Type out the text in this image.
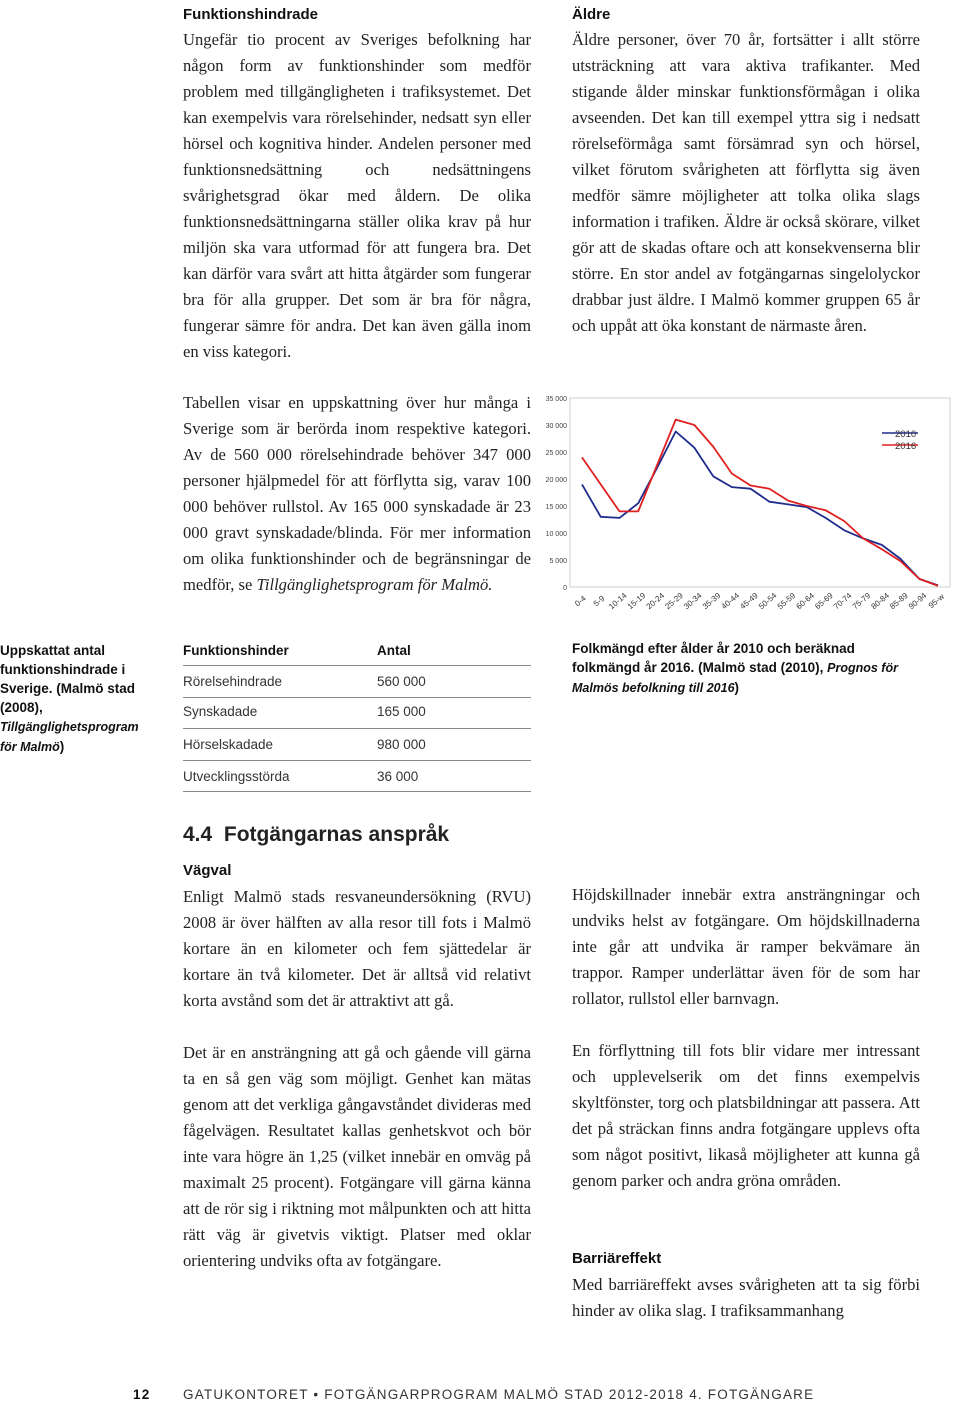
Funktionshindrade

Ungefär tio procent av Sveriges befolkning har någon form av funktionshinder som medför problem med tillgängligheten i trafiksystemet. Det kan exempelvis vara rörelsehinder, nedsatt syn eller hörsel och kognitiva hinder. Andelen personer med funktionsnedsättning och nedsättningens svårighetsgrad ökar med åldern. De olika funktionsnedsättningarna ställer olika krav på hur miljön ska vara utformad för att fungera bra. Det kan därför vara svårt att hitta åtgärder som fungerar bra för alla grupper. Det som är bra för några, fungerar sämre för andra. Det kan även gälla inom en viss kategori.

Äldre

Äldre personer, över 70 år, fortsätter i allt större utsträckning att vara aktiva trafikanter. Med stigande ålder minskar funktionsförmågan i olika avseenden. Det kan till exempel yttra sig i nedsatt rörelseförmåga samt försämrad syn och hörsel, vilket förutom svårigheten att förflytta sig även medför sämre möjligheter att tolka olika slags information i trafiken. Äldre är också skörare, vilket gör att de skadas oftare och att konsekvenserna blir större. En stor andel av fotgängarnas singelolyckor drabbar just äldre. I Malmö kommer gruppen 65 år och uppåt att öka konstant de närmaste åren.

Tabellen visar en uppskattning över hur många i Sverige som är berörda inom respektive kategori. Av de 560 000 rörelsehindrade behöver 347 000 personer hjälpmedel för att förflytta sig, varav 100 000 behöver rullstol. Av 165 000 synskadade är 23 000 gravt synskadade/blinda. För mer information om olika funktionshinder och de begränsningar de medför, se Tillgänglighetsprogram för Malmö.	0
5 000
10 000
15 000
20 000
25 000
30 000
35 000
0-4 5-9 10-14
15-19
20-24
25-29
30-34
35-39
40-44
45-49
50-54
55-59
60-64
65-69
70-74
75-79
80-84
85-89
90-94
95-w
2010
2016
Uppskattat antal funktionshindrade i Sverige. (Malmö stad (2008), Tillgänglighetsprogram för Malmö)
Funktionshinder	Antal
Rörelsehindrade	560 000
Synskadade	165 000
Hörselskadade	980 000
Utvecklingsstörda	36 000
Folkmängd efter ålder år 2010 och beräknad folkmängd år 2016. (Malmö stad (2010), Prognos för Malmös befolkning till 2016)
4.4 Fotgängarnas anspråk
Vägval

Enligt Malmö stads resvaneundersökning (RVU) 2008 är över hälften av alla resor till fots i Malmö kortare än en kilometer och fem sjättedelar är kortare än två kilometer. Det är alltså vid relativt korta avstånd som det är attraktivt att gå.

Det är en ansträngning att gå och gående vill gärna ta en så gen väg som möjligt. Genhet kan mätas genom att det verkliga gångavståndet divideras med fågelvägen. Resultatet kallas genhetskvot och bör inte vara högre än 1,25 (vilket innebär en omväg på maximalt 25 procent). Fotgängare vill gärna känna att de rör sig i riktning mot målpunkten och att hitta rätt väg är givetvis viktigt. Platser med oklar orientering undviks ofta av fotgängare.

Höjdskillnader innebär extra ansträngningar och undviks helst av fotgängare. Om höjdskillnaderna inte går att undvika är ramper bekvämare än trappor. Ramper underlättar även för de som har rollator, rullstol eller barnvagn.

En förflyttning till fots blir vidare mer intressant och upplevelserik om det finns exempelvis skyltfönster, torg och platsbildningar att passera. Att det på sträckan finns andra fotgängare upplevs ofta som något positivt, likaså möjligheter att kunna gå genom parker och andra gröna områden.

Barriäreffekt

Med barriäreffekt avses svårigheten att ta sig förbi hinder av olika slag. I trafiksammanhang

12 GATUKONTORET • FOTGÄNGARPROGRAM MALMÖ STAD 2012-2018 4. FOTGÄNGARE
